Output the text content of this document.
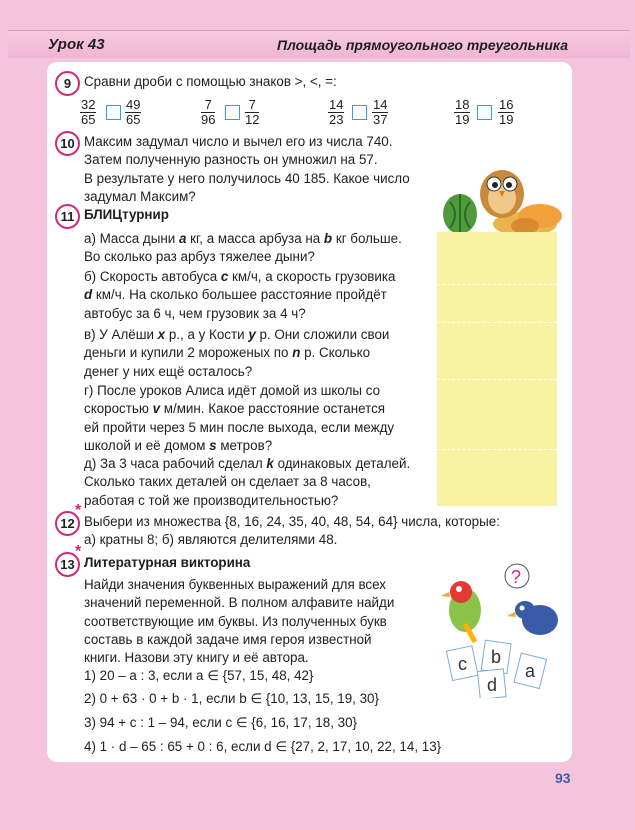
Урок 43	Площадь прямоугольного треугольника
9 Сравни дроби с помощью знаков >, <, =:
$\frac{32}{65} \frac{49}{65}$	$\frac{7}{96} \frac{7}{12}$	$\frac{14}{23} \frac{14}{37}$	$\frac{18}{19} \frac{16}{19}$
10 Максим задумал число и вычел его из числа 740.
Затем полученную разность он умножил на 57.
В результате у него получилось 40 185. Какое число
задумал Максим?
11 БЛИЦтурнир
а) Масса дыни a кг, а масса арбуза на b кг больше.
Во сколько раз арбуз тяжелее дыни?
б) Скорость автобуса c км/ч, а скорость грузовика
d км/ч. На сколько большее расстояние пройдёт
автобус за 6 ч, чем грузовик за 4 ч?
в) У Алёши x р., а у Кости y р. Они сложили свои
деньги и купили 2 мороженых по n р. Сколько
денег у них ещё осталось?
г) После уроков Алиса идёт домой из школы со
скоростью v м/мин. Какое расстояние останется
ей пройти через 5 мин после выхода, если между
школой и её домом s метров?
д) За 3 часа рабочий сделал k одинаковых деталей.
Сколько таких деталей он сделает за 8 часов,
работая с той же производительностью?
12
*
Выбери из множества {8, 16, 24, 35, 40, 48, 54, 64} числа, которые:
а) кратны 8; б) являются делителями 48.
13
*
Литературная викторина
Найди значения буквенных выражений для всех
значений переменной. В полном алфавите найди
соответствующие им буквы. Из полученных букв
составь в каждой задаче имя героя известной
книги. Назови эту книгу и её автора.
?
c b
d
a
1) 20 – a : 3, если a ∈ {57, 15, 48, 42}
2) 0 + 63 · 0 + b · 1, если b ∈ {10, 13, 15, 19, 30}
3) 94 + c : 1 – 94, если c ∈ {6, 16, 17, 18, 30}
4) 1 · d – 65 : 65 + 0 : 6, если d ∈ {27, 2, 17, 10, 22, 14, 13}
93
